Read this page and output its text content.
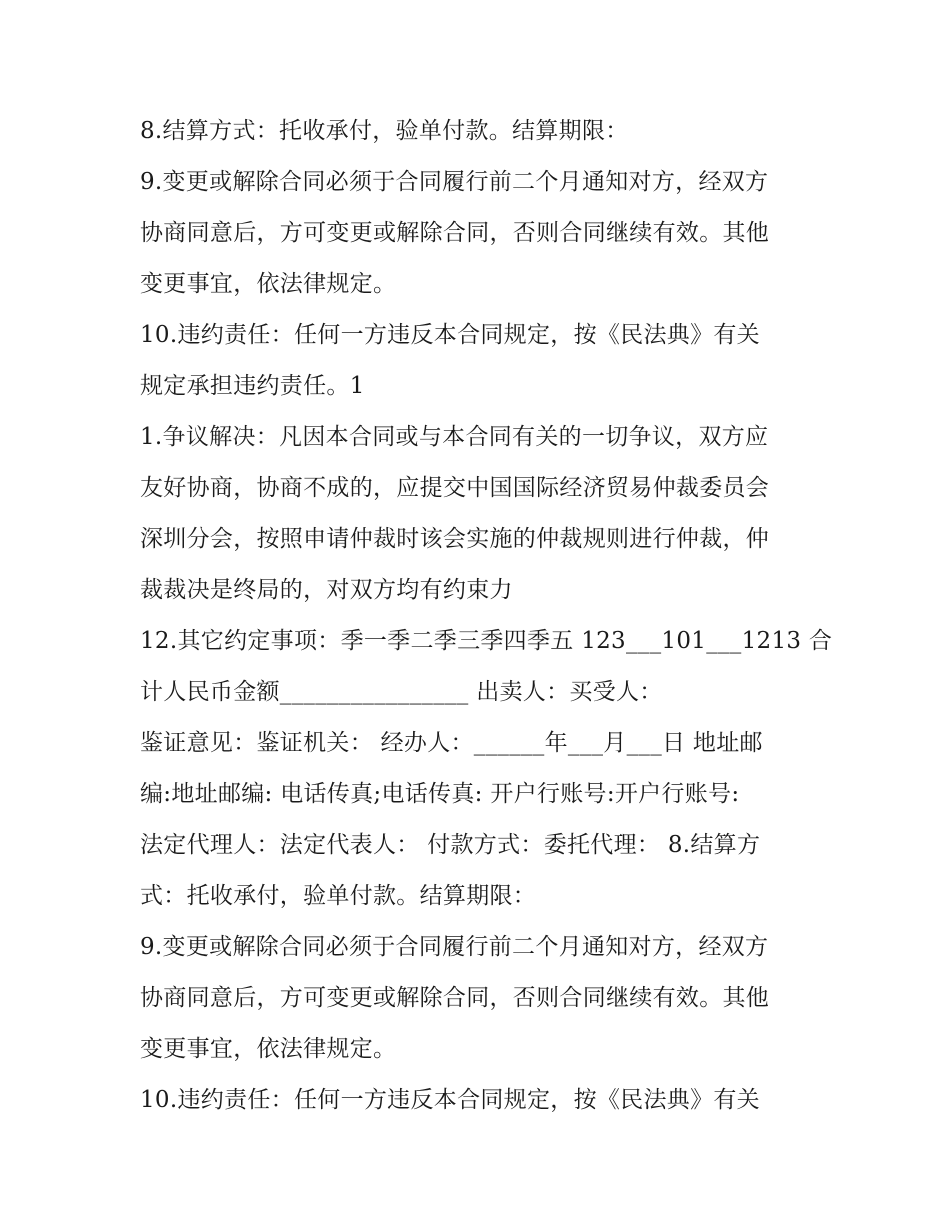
8.结算方式：托收承付，验单付款。结算期限：
9.变更或解除合同必须于合同履行前二个月通知对方，经双方
协商同意后，方可变更或解除合同，否则合同继续有效。其他
变更事宜，依法律规定。
10.违约责任：任何一方违反本合同规定，按《民法典》有关
规定承担违约责任。1
1.争议解决：凡因本合同或与本合同有关的一切争议，双方应
友好协商，协商不成的，应提交中国国际经济贸易仲裁委员会
深圳分会，按照申请仲裁时该会实施的仲裁规则进行仲裁，仲
裁裁决是终局的，对双方均有约束力
12.其它约定事项：季一季二季三季四季五 123___101___1213 合
计人民币金额________________ 出卖人：买受人：
鉴证意见：鉴证机关： 经办人：______年___月___日 地址邮
编:地址邮编: 电话传真;电话传真: 开户行账号:开户行账号:
法定代理人：法定代表人： 付款方式：委托代理： 8.结算方
式：托收承付，验单付款。结算期限：
9.变更或解除合同必须于合同履行前二个月通知对方，经双方
协商同意后，方可变更或解除合同，否则合同继续有效。其他
变更事宜，依法律规定。
10.违约责任：任何一方违反本合同规定，按《民法典》有关
